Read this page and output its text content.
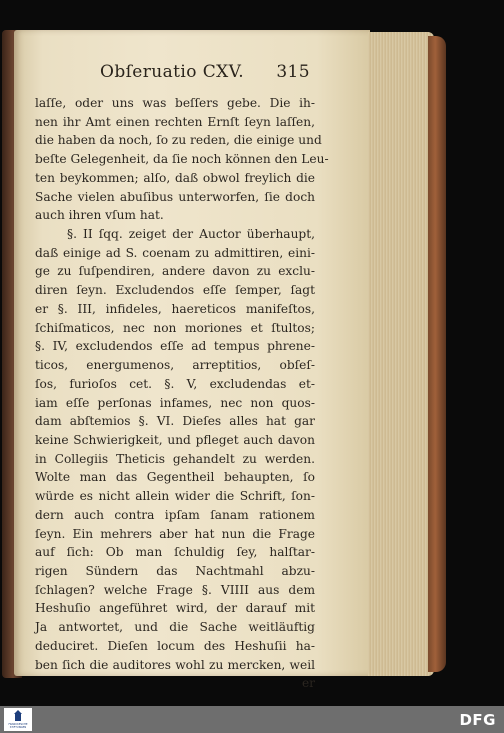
Obſeruatio CXV. 315
laſſe, oder uns was beſſers gebe. Die ih-
nen ihr Amt einen rechten Ernſt ſeyn laſſen,
die haben da noch, ſo zu reden, die einige und
beſte Gelegenheit, da ſie noch können den Leu-
ten beykommen; alſo, daß obwol freylich die
Sache vielen abuſibus unterworfen, ſie doch
auch ihren vſum hat.
§. II ſqq. zeiget der Auctor überhaupt,
daß einige ad S. coenam zu admittiren, eini-
ge zu ſuſpendiren, andere davon zu exclu-
diren ſeyn. Excludendos eſſe ſemper, ſagt
er §. III, infideles, haereticos manifeſtos,
ſchiſmaticos, nec non moriones et ſtultos;
§. IV, excludendos eſſe ad tempus phrene-
ticos, energumenos, arreptitios, obſeſ-
ſos, furioſos cet. §. V, excludendas et-
iam eſſe perſonas infames, nec non quos-
dam abſtemios §. VI. Dieſes alles hat gar
keine Schwierigkeit, und pfleget auch davon
in Collegiis Theticis gehandelt zu werden.
Wolte man das Gegentheil behaupten, ſo
würde es nicht allein wider die Schrift, ſon-
dern auch contra ipſam ſanam rationem
ſeyn. Ein mehrers aber hat nun die Frage
auf ſich: Ob man ſchuldig ſey, halſtar-
rigen Sündern das Nachtmahl abzu-
ſchlagen? welche Frage §. VIIII aus dem
Heshuſio angeführet wird, der darauf mit
Ja antwortet, und die Sache weitläuftig
deduciret. Dieſen locum des Heshuſii ha-
ben ſich die auditores wohl zu mercken, weil
er
FRANCKESCHE
STIFTUNGEN	DFG
